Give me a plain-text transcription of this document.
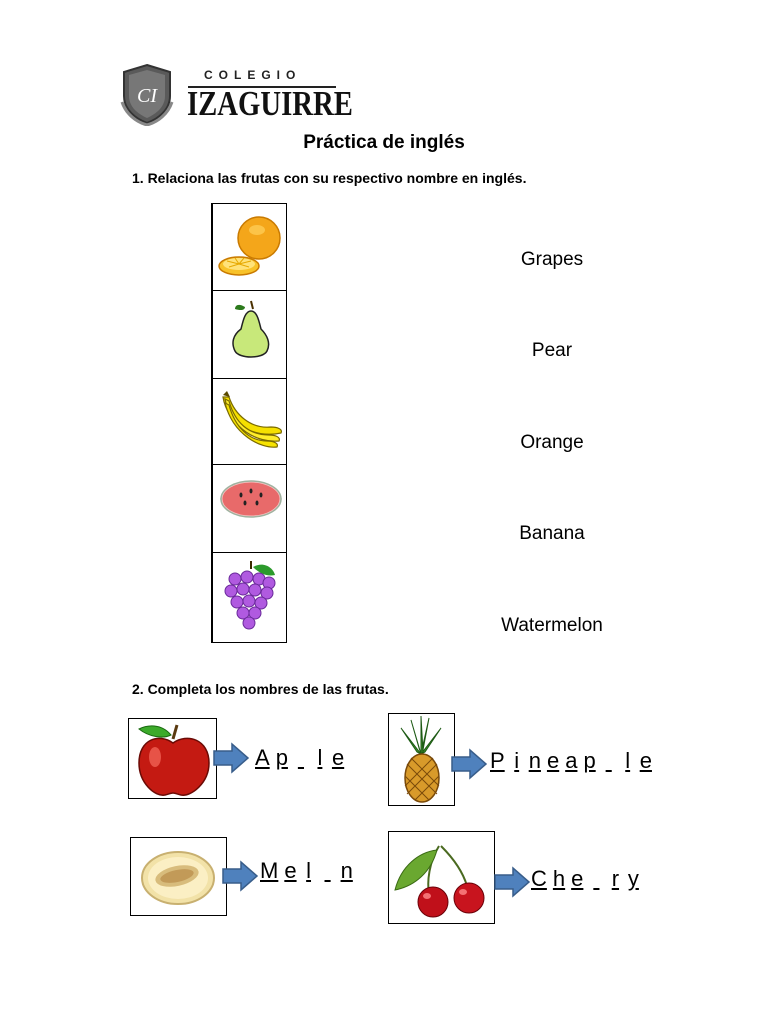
CI
COLEGIO
IZAGUIRRE
Práctica de inglés
1. Relaciona las frutas con su respectivo nombre en inglés.
Grapes
Pear
Orange
Banana
Watermelon
2. Completa los nombres de las frutas.
A p l e	P i n e a p l e
M e l n	C h e r y
